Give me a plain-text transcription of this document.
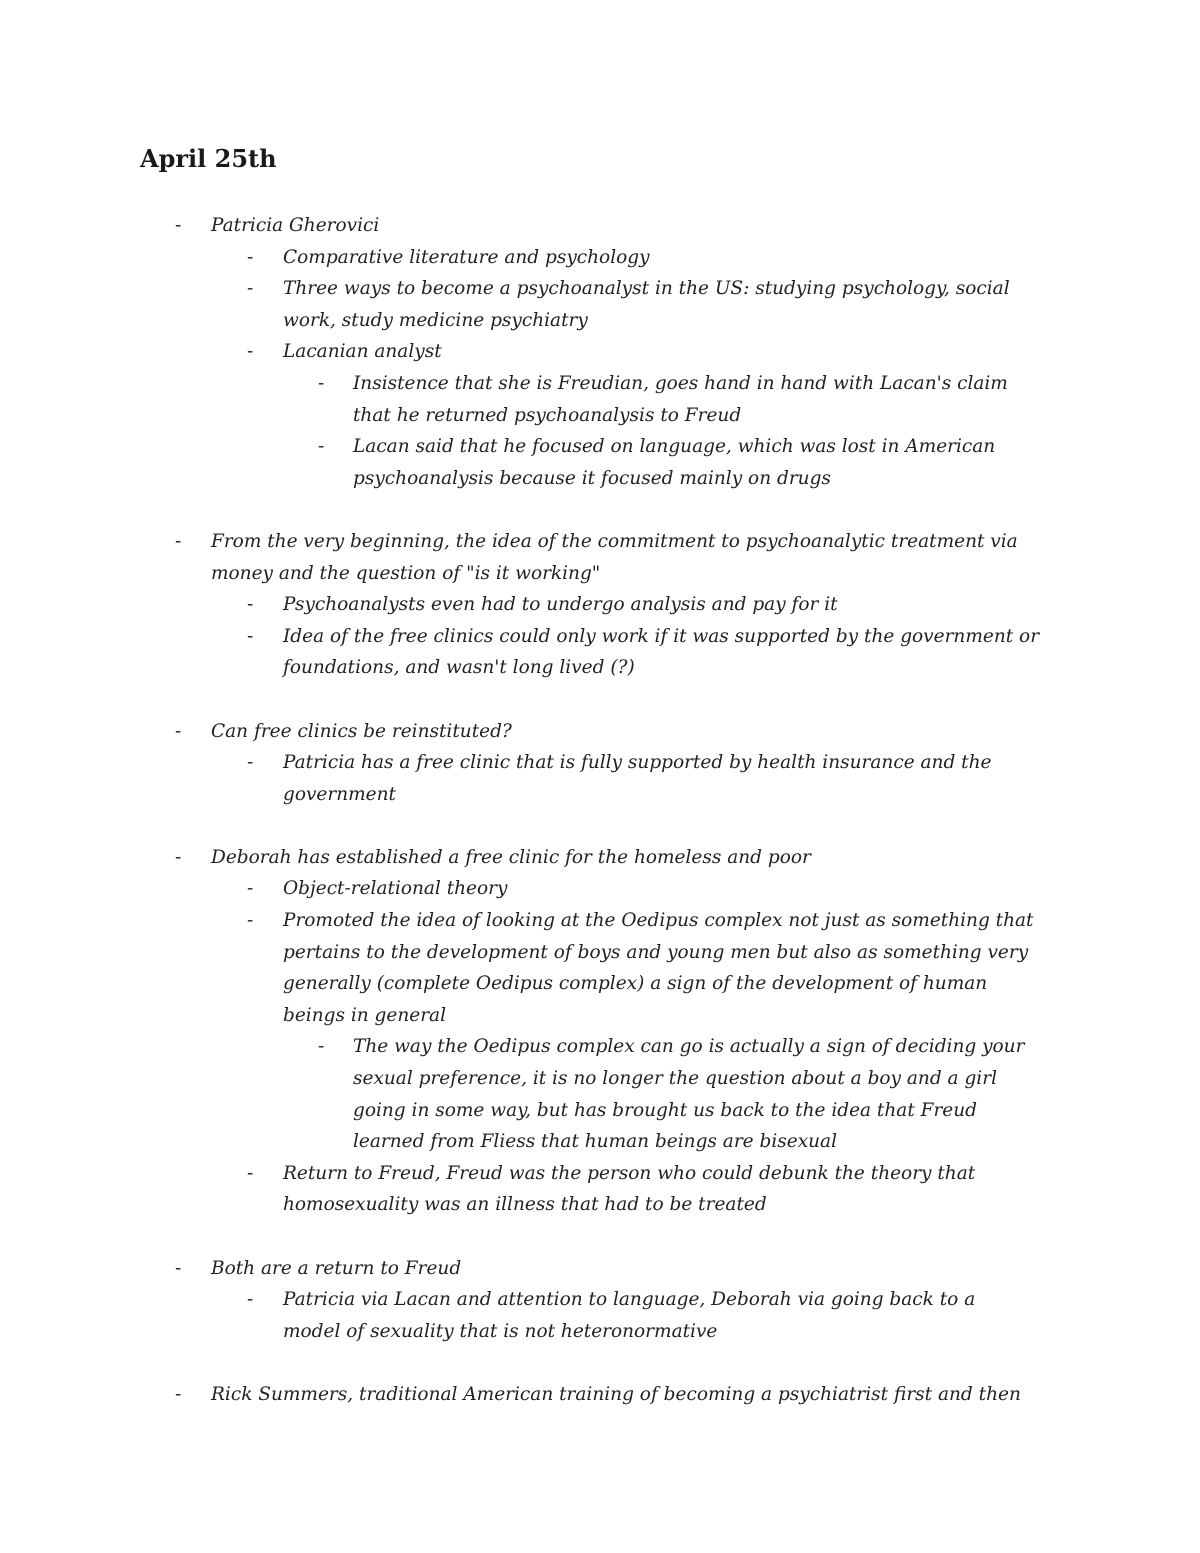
April 25th
- Patricia Gherovici
- Comparative literature and psychology
- Three ways to become a psychoanalyst in the US: studying psychology, social
work, study medicine psychiatry
- Lacanian analyst
- Insistence that she is Freudian, goes hand in hand with Lacan's claim
that he returned psychoanalysis to Freud
- Lacan said that he focused on language, which was lost in American
psychoanalysis because it focused mainly on drugs
- From the very beginning, the idea of the commitment to psychoanalytic treatment via
money and the question of "is it working"
- Psychoanalysts even had to undergo analysis and pay for it
- Idea of the free clinics could only work if it was supported by the government or
foundations, and wasn't long lived (?)
- Can free clinics be reinstituted?
- Patricia has a free clinic that is fully supported by health insurance and the
government
- Deborah has established a free clinic for the homeless and poor
- Object-relational theory
- Promoted the idea of looking at the Oedipus complex not just as something that
pertains to the development of boys and young men but also as something very
generally (complete Oedipus complex) a sign of the development of human
beings in general
- The way the Oedipus complex can go is actually a sign of deciding your
sexual preference, it is no longer the question about a boy and a girl
going in some way, but has brought us back to the idea that Freud
learned from Fliess that human beings are bisexual
- Return to Freud, Freud was the person who could debunk the theory that
homosexuality was an illness that had to be treated
- Both are a return to Freud
- Patricia via Lacan and attention to language, Deborah via going back to a
model of sexuality that is not heteronormative
- Rick Summers, traditional American training of becoming a psychiatrist first and then
